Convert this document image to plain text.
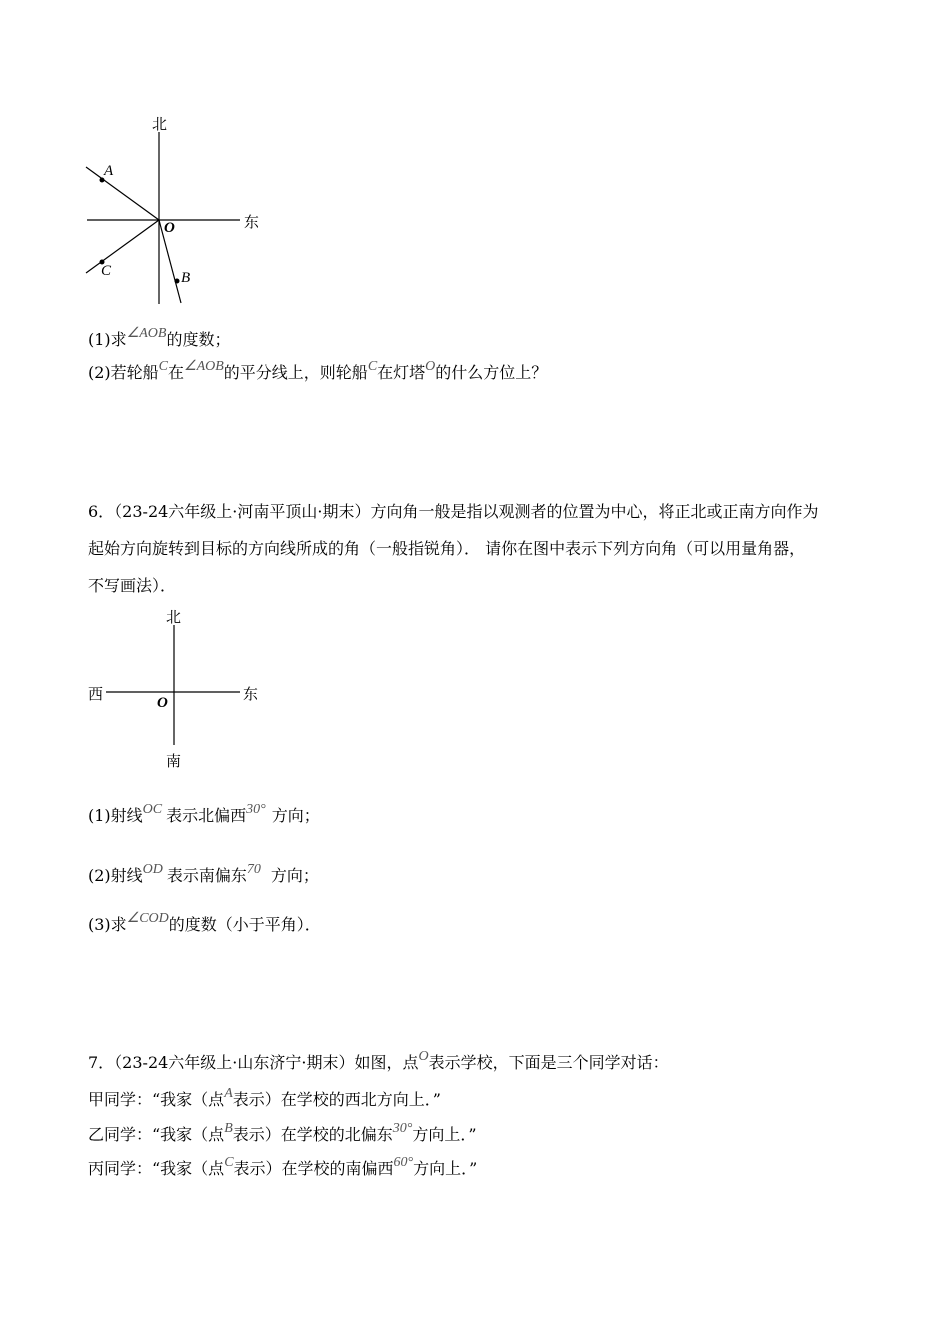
北
东
A
B
C
O
(1)求∠AOB的度数；
(2)若轮船C在∠AOB的平分线上，则轮船C在灯塔O的什么方位上？
6．（23-24六年级上·河南平顶山·期末）方向角一般是指以观测者的位置为中心，将正北或正南方向作为
起始方向旋转到目标的方向线所成的角（一般指锐角）． 请你在图中表示下列方向角（可以用量角器，
不写画法）．
北
南
东
西	O
(1)射线OC 表示北偏西30° 方向；
(2)射线OD 表示南偏东70 方向；
(3)求∠COD的度数（小于平角）．
7．（23-24六年级上·山东济宁·期末）如图，点O表示学校，下面是三个同学对话：
甲同学：“我家（点A表示）在学校的西北方向上．”
乙同学：“我家（点B表示）在学校的北偏东30°方向上．”
丙同学：“我家（点C表示）在学校的南偏西60°方向上．”
